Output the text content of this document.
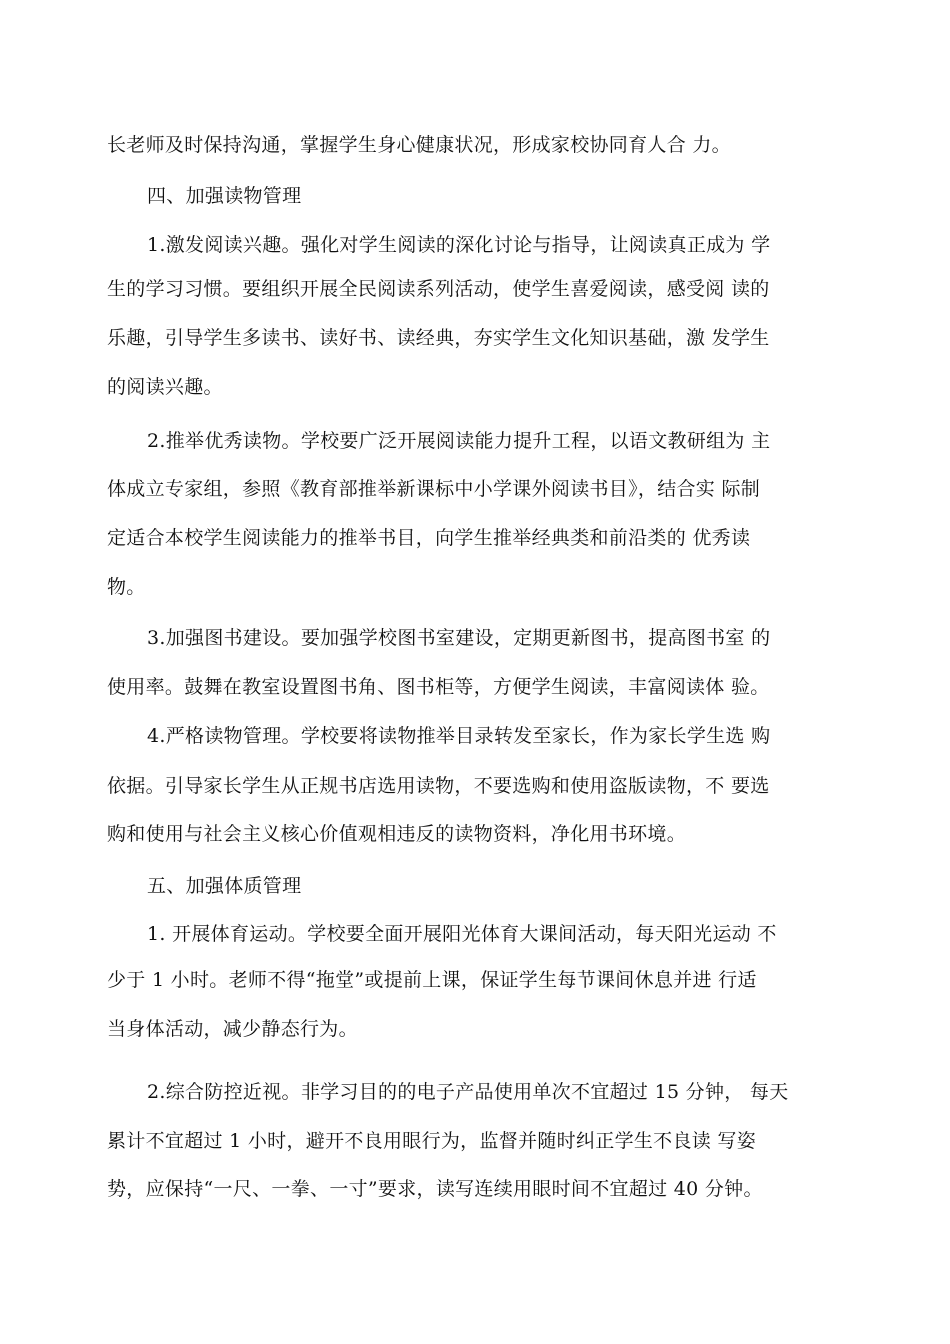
长老师及时保持沟通，掌握学生身心健康状况，形成家校协同育人合 力。
四、加强读物管理
1.激发阅读兴趣。强化对学生阅读的深化讨论与指导，让阅读真正成为 学
生的学习习惯。要组织开展全民阅读系列活动，使学生喜爱阅读，感受阅 读的
乐趣，引导学生多读书、读好书、读经典，夯实学生文化知识基础，激 发学生
的阅读兴趣。
2.推举优秀读物。学校要广泛开展阅读能力提升工程，以语文教研组为 主
体成立专家组，参照《教育部推举新课标中小学课外阅读书目》，结合实 际制
定适合本校学生阅读能力的推举书目，向学生推举经典类和前沿类的 优秀读
物。
3.加强图书建设。要加强学校图书室建设，定期更新图书，提高图书室 的
使用率。鼓舞在教室设置图书角、图书柜等，方便学生阅读，丰富阅读体 验。
4.严格读物管理。学校要将读物推举目录转发至家长，作为家长学生选 购
依据。引导家长学生从正规书店选用读物，不要选购和使用盗版读物，不 要选
购和使用与社会主义核心价值观相违反的读物资料，净化用书环境。
五、加强体质管理
1. 开展体育运动。学校要全面开展阳光体育大课间活动，每天阳光运动 不
少于 1 小时。老师不得“拖堂”或提前上课，保证学生每节课间休息并进 行适
当身体活动，减少静态行为。
2.综合防控近视。非学习目的的电子产品使用单次不宜超过 15 分钟， 每天
累计不宜超过 1 小时，避开不良用眼行为，监督并随时纠正学生不良读 写姿
势，应保持“一尺、一拳、一寸”要求，读写连续用眼时间不宜超过 40 分钟。
